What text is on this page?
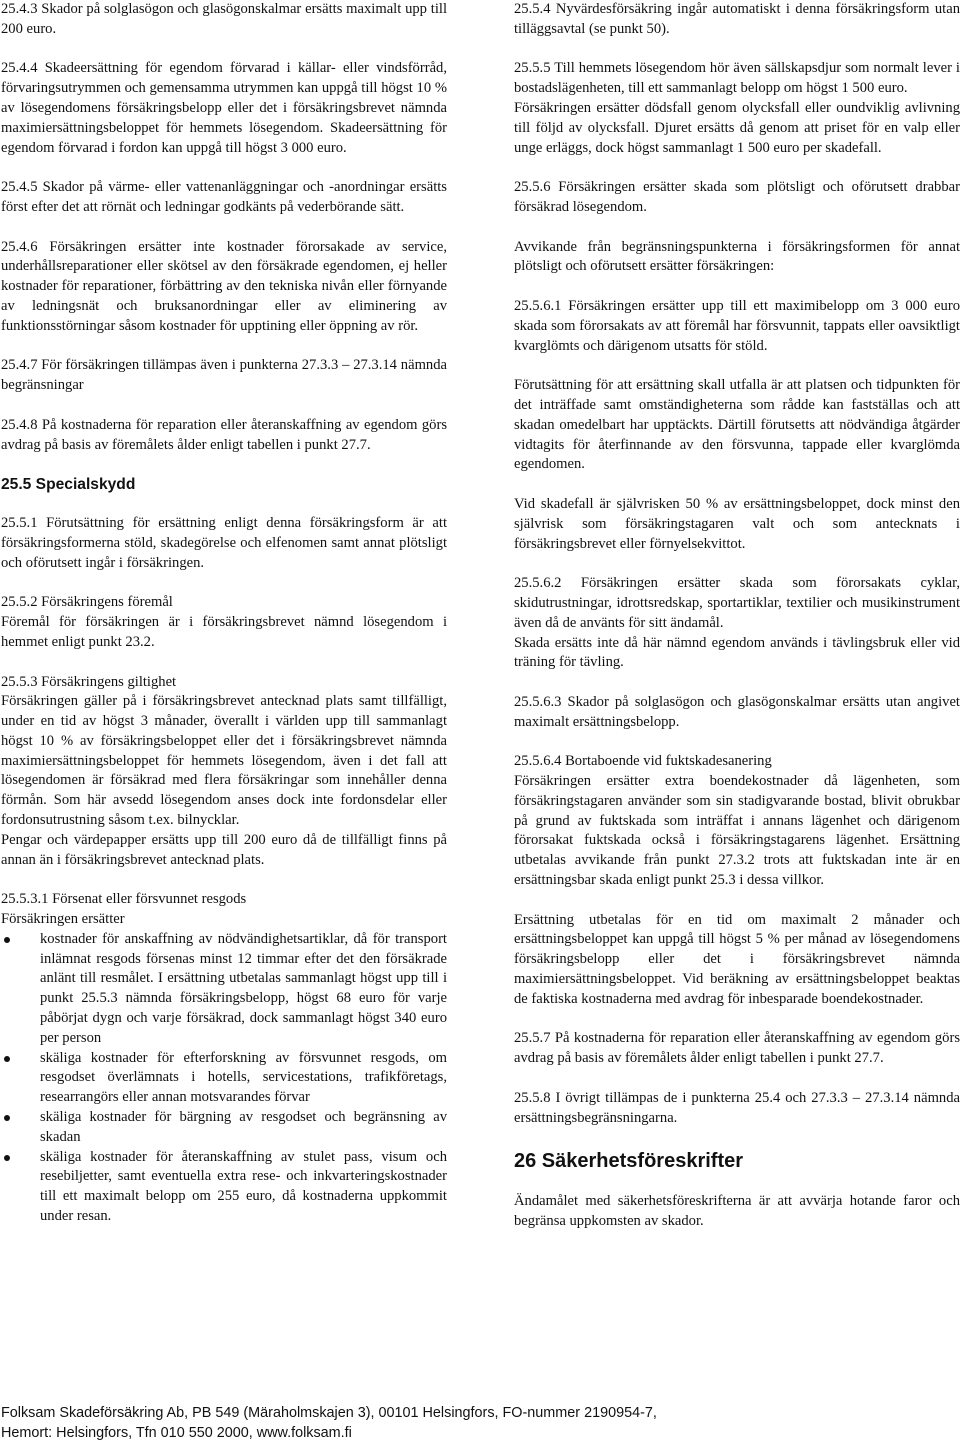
25.4.3 Skador på solglasögon och glasögonskalmar ersätts maximalt upp till 200 euro.

25.4.4 Skadeersättning för egendom förvarad i källar- eller vindsförråd, förvaringsutrymmen och gemensamma utrymmen kan uppgå till högst 10 % av lösegendomens försäkringsbelopp eller det i försäkringsbrevet nämnda maximiersättningsbeloppet för hemmets lösegendom. Skadeersättning för egendom förvarad i fordon kan uppgå till högst 3 000 euro.

25.4.5 Skador på värme- eller vattenanläggningar och -anordningar ersätts först efter det att rörnät och ledningar godkänts på vederbörande sätt.

25.4.6 Försäkringen ersätter inte kostnader förorsakade av service, underhållsreparationer eller skötsel av den försäkrade egendomen, ej heller kostnader för reparationer, förbättring av den tekniska nivån eller förnyande av ledningsnät och bruksanordningar eller av eliminering av funktionsstörningar såsom kostnader för upptining eller öppning av rör.

25.4.7 För försäkringen tillämpas även i punkterna 27.3.3 – 27.3.14 nämnda begränsningar

25.4.8 På kostnaderna för reparation eller återanskaffning av egendom görs avdrag på basis av föremålets ålder enligt tabellen i punkt 27.7.

25.5 Specialskydd

25.5.1 Förutsättning för ersättning enligt denna försäkringsform är att försäkringsformerna stöld, skadegörelse och elfenomen samt annat plötsligt och oförutsett ingår i försäkringen.

25.5.2 Försäkringens föremål

Föremål för försäkringen är i försäkringsbrevet nämnd lösegendom i hemmet enligt punkt 23.2.

25.5.3 Försäkringens giltighet

Försäkringen gäller på i försäkringsbrevet antecknad plats samt tillfälligt, under en tid av högst 3 månader, överallt i världen upp till sammanlagt högst 10 % av försäkringsbeloppet eller det i försäkringsbrevet nämnda maximiersättningsbeloppet för hemmets lösegendom, även i det fall att lösegendomen är försäkrad med flera försäkringar som innehåller denna förmån. Som här avsedd lösegendom anses dock inte fordonsdelar eller fordonsutrustning såsom t.ex. bilnycklar.

Pengar och värdepapper ersätts upp till 200 euro då de tillfälligt finns på annan än i försäkringsbrevet antecknad plats.

25.5.3.1 Försenat eller försvunnet resgods

Försäkringen ersätter

kostnader för anskaffning av nödvändighetsartiklar, då för transport inlämnat resgods försenas minst 12 timmar efter det den försäkrade anlänt till resmålet. I ersättning utbetalas sammanlagt högst upp till i punkt 25.5.3 nämnda försäkringsbelopp, högst 68 euro för varje påbörjat dygn och varje försäkrad, dock sammanlagt högst 340 euro per person
skäliga kostnader för efterforskning av försvunnet resgods, om resgodset överlämnats i hotells, servicestations, trafikföretags, researrangörs eller annan motsvarandes förvar
skäliga kostnader för bärgning av resgodset och begränsning av skadan
skäliga kostnader för återanskaffning av stulet pass, visum och resebiljetter, samt eventuella extra rese- och inkvarteringskostnader till ett maximalt belopp om 255 euro, då kostnaderna uppkommit under resan.

25.5.4 Nyvärdesförsäkring ingår automatiskt i denna försäkringsform utan tilläggsavtal (se punkt 50).

25.5.5 Till hemmets lösegendom hör även sällskapsdjur som normalt lever i bostadslägenheten, till ett sammanlagt belopp om högst 1 500 euro.

Försäkringen ersätter dödsfall genom olycksfall eller oundviklig avlivning till följd av olycksfall. Djuret ersätts då genom att priset för en valp eller unge erläggs, dock högst sammanlagt 1 500 euro per skadefall.

25.5.6 Försäkringen ersätter skada som plötsligt och oförutsett drabbar försäkrad lösegendom.

Avvikande från begränsningspunkterna i försäkringsformen för annat plötsligt och oförutsett ersätter försäkringen:

25.5.6.1 Försäkringen ersätter upp till ett maximibelopp om 3 000 euro skada som förorsakats av att föremål har försvunnit, tappats eller oavsiktligt kvarglömts och därigenom utsatts för stöld.

Förutsättning för att ersättning skall utfalla är att platsen och tidpunkten för det inträffade samt omständigheterna som rådde kan fastställas och att skadan omedelbart har upptäckts. Därtill förutsetts att nödvändiga åtgärder vidtagits för återfinnande av den försvunna, tappade eller kvarglömda egendomen.

Vid skadefall är självrisken 50 % av ersättningsbeloppet, dock minst den självrisk som försäkringstagaren valt och som antecknats i försäkringsbrevet eller förnyelsekvittot.

25.5.6.2 Försäkringen ersätter skada som förorsakats cyklar, skidutrustningar, idrottsredskap, sportartiklar, textilier och musikinstrument även då de använts för sitt ändamål.

Skada ersätts inte då här nämnd egendom används i tävlingsbruk eller vid träning för tävling.

25.5.6.3 Skador på solglasögon och glasögonskalmar ersätts utan angivet maximalt ersättningsbelopp.

25.5.6.4 Bortaboende vid fuktskadesanering

Försäkringen ersätter extra boendekostnader då lägenheten, som försäkringstagaren använder som sin stadigvarande bostad, blivit obrukbar på grund av fuktskada som inträffat i annans lägenhet och därigenom förorsakat fuktskada också i försäkringstagarens lägenhet. Ersättning utbetalas avvikande från punkt 27.3.2 trots att fuktskadan inte är en ersättningsbar skada enligt punkt 25.3 i dessa villkor.

Ersättning utbetalas för en tid om maximalt 2 månader och ersättningsbeloppet kan uppgå till högst 5 % per månad av lösegendomens försäkringsbelopp eller det i försäkringsbrevet nämnda maximiersättningsbeloppet. Vid beräkning av ersättningsbeloppet beaktas de faktiska kostnaderna med avdrag för inbesparade boendekostnader.

25.5.7 På kostnaderna för reparation eller återanskaffning av egendom görs avdrag på basis av föremålets ålder enligt tabellen i punkt 27.7.

25.5.8 I övrigt tillämpas de i punkterna 25.4 och 27.3.3 – 27.3.14 nämnda ersättningsbegränsningarna.

26 Säkerhetsföreskrifter

Ändamålet med säkerhetsföreskrifterna är att avvärja hotande faror och begränsa uppkomsten av skador.

Folksam Skadeförsäkring Ab, PB 549 (Märaholmskajen 3), 00101 Helsingfors, FO-nummer 2190954-7,
Hemort: Helsingfors, Tfn 010 550 2000, www.folksam.fi
